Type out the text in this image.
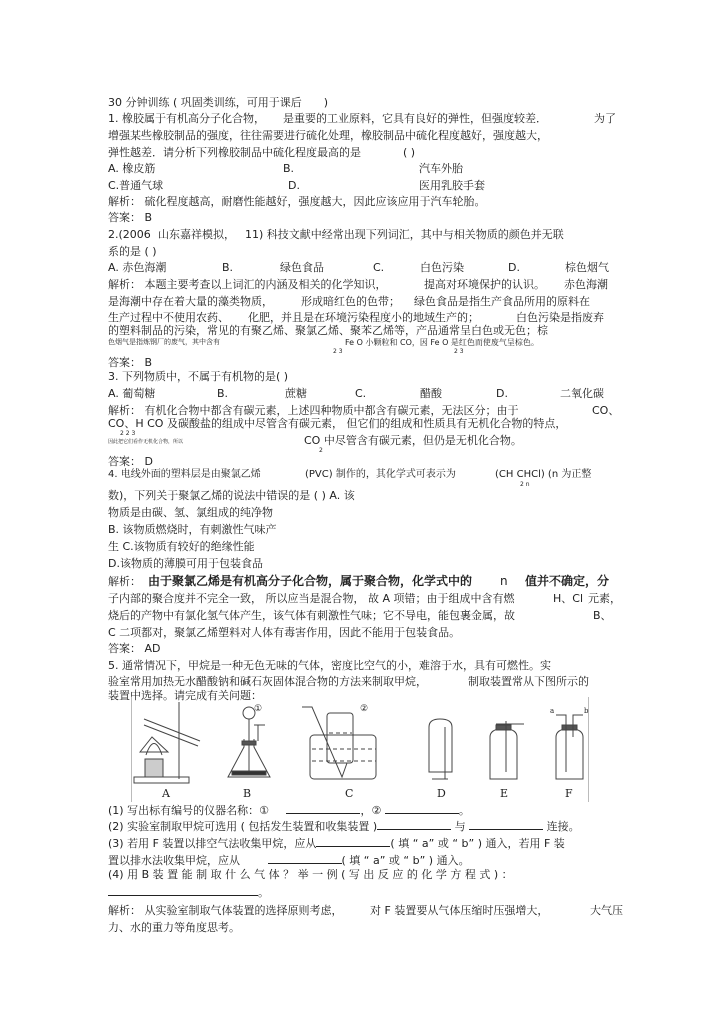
30 分钟训练 ( 巩固类训练，可用于课后　　)
1. 橡胶属于有机高分子化合物， 是重要的工业原料，它具有良好的弹性，但强度较差．	为了
增强某些橡胶制品的强度，往往需要进行硫化处理，橡胶制品中硫化程度越好，强度越大，
弹性越差．请分析下列橡胶制品中硫化程度最高的是	( )
A. 橡皮筋	B.	汽车外胎
C.普通气球	D.	医用乳胶手套
解析： 硫化程度越高，耐磨性能越好，强度越大，因此应该应用于汽车轮胎。
答案： B
2.(2006 山东嘉祥模拟， 11) 科技文献中经常出现下列词汇，其中与相关物质的颜色并无联
系的是 ( )
A. 赤色海潮	B.	绿色食品	C.	白色污染	D.	棕色烟气
解析： 本题主要考查以上词汇的内涵及相关的化学知识，	提高对环境保护的认识。 赤色海潮
是海潮中存在着大量的藻类物质，	形成暗红色的色带； 绿色食品是指生产食品所用的原料在
生产过程中不使用农药、 化肥，并且是在环境污染程度小的地域生产的；	白色污染是指废弃
的塑料制品的污染，常见的有聚乙烯、聚氯乙烯、聚苯乙烯等，产品通常呈白色或无色；棕
色烟气是指炼钢厂的废气，其中含有	Fe O 小颗粒和 CO，因 Fe O 是红色而使废气呈棕色。
2 3	2 3
答案： B
3. 下列物质中，不属于有机物的是( )
A. 葡萄糖	B.	蔗糖	C.	醋酸	D.	二氧化碳
解析： 有机化合物中都含有碳元素，上述四种物质中都含有碳元素，无法区分；由于	CO、
CO、H CO 及碳酸盐的组成中尽管含有碳元素， 但它们的组成和性质具有无机化合物的特点，
2 2 3
因此把它们看作无机化合物，所以	CO 中尽管含有碳元素，但仍是无机化合物。
2
答案： D
4. 电线外面的塑料层是由聚氯乙烯	(PVC) 制作的，其化学式可表示为	(CH CHCl) (n 为正整
2 n
数)，下列关于聚氯乙烯的说法中错误的是 ( ) A. 该
物质是由碳、氢、氯组成的纯净物
B. 该物质燃烧时，有刺激性气味产
生 C.该物质有较好的绝缘性能
D.该物质的薄膜可用于包装食品
解析： 由于聚氯乙烯是有机高分子化合物，属于聚合物，化学式中的 n 值并不确定，分
子内部的聚合度并不完全一致， 所以应当是混合物， 故 A 项错；由于组成中含有燃	H、Cl 元素，
烧后的产物中有氯化氢气体产生，该气体有刺激性气味；它不导电，能包裹金属，故	B、
C 二项都对，聚氯乙烯塑料对人体有毒害作用，因此不能用于包装食品。
答案： AD
5. 通常情况下，甲烷是一种无色无味的气体，密度比空气的小，难溶于水，具有可燃性。实
验室常用加热无水醋酸钠和碱石灰固体混合物的方法来制取甲烷，	制取装置常从下图所示的
装置中选择。请完成有关问题：
①	②	a	b
A	B	C	D	E	F
(1) 写出标有编号的仪器名称：①	，②	。
(2) 实验室制取甲烷可选用 ( 包括发生装置和收集装置 )	与	连接。
(3) 若用 F 装置以排空气法收集甲烷，应从	( 填 “ a” 或 “ b” ) 通入，若用 F 装
置以排水法收集甲烷，应从	( 填 “ a” 或 “ b” ) 通入。
(4) 用 B 装 置 能 制 取 什 么 气 体 ？ 举 一 例 ( 写 出 反 应 的 化 学 方 程 式 ) ：
。
解析： 从实验室制取气体装置的选择原则考虑，	对 F 装置要从气体压缩时压强增大，	大气压
力、水的重力等角度思考。
